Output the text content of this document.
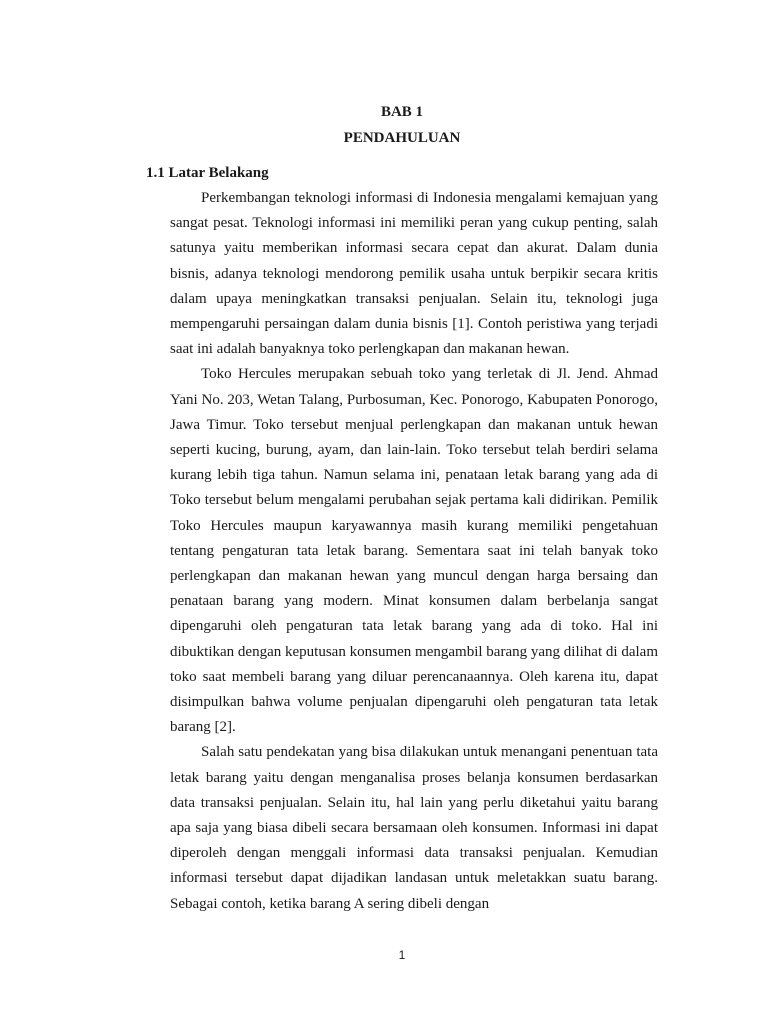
BAB 1
PENDAHULUAN
1.1 Latar Belakang

Perkembangan teknologi informasi di Indonesia mengalami kemajuan yang sangat pesat. Teknologi informasi ini memiliki peran yang cukup penting, salah satunya yaitu memberikan informasi secara cepat dan akurat. Dalam dunia bisnis, adanya teknologi mendorong pemilik usaha untuk berpikir secara kritis dalam upaya meningkatkan transaksi penjualan. Selain itu, teknologi juga mempengaruhi persaingan dalam dunia bisnis [1]. Contoh peristiwa yang terjadi saat ini adalah banyaknya toko perlengkapan dan makanan hewan.

Toko Hercules merupakan sebuah toko yang terletak di Jl. Jend. Ahmad Yani No. 203, Wetan Talang, Purbosuman, Kec. Ponorogo, Kabupaten Ponorogo, Jawa Timur. Toko tersebut menjual perlengkapan dan makanan untuk hewan seperti kucing, burung, ayam, dan lain-lain. Toko tersebut telah berdiri selama kurang lebih tiga tahun. Namun selama ini, penataan letak barang yang ada di Toko tersebut belum mengalami perubahan sejak pertama kali didirikan. Pemilik Toko Hercules maupun karyawannya masih kurang memiliki pengetahuan tentang pengaturan tata letak barang. Sementara saat ini telah banyak toko perlengkapan dan makanan hewan yang muncul dengan harga bersaing dan penataan barang yang modern. Minat konsumen dalam berbelanja sangat dipengaruhi oleh pengaturan tata letak barang yang ada di toko. Hal ini dibuktikan dengan keputusan konsumen mengambil barang yang dilihat di dalam toko saat membeli barang yang diluar perencanaannya. Oleh karena itu, dapat disimpulkan bahwa volume penjualan dipengaruhi oleh pengaturan tata letak barang [2].

Salah satu pendekatan yang bisa dilakukan untuk menangani penentuan tata letak barang yaitu dengan menganalisa proses belanja konsumen berdasarkan data transaksi penjualan. Selain itu, hal lain yang perlu diketahui yaitu barang apa saja yang biasa dibeli secara bersamaan oleh konsumen. Informasi ini dapat diperoleh dengan menggali informasi data transaksi penjualan. Kemudian informasi tersebut dapat dijadikan landasan untuk meletakkan suatu barang. Sebagai contoh, ketika barang A sering dibeli dengan

1
